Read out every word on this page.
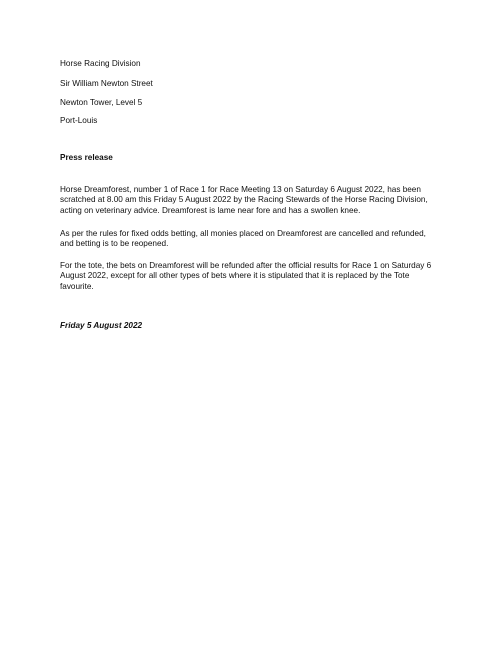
Horse Racing Division
Sir William Newton Street
Newton Tower, Level 5
Port-Louis
Press release
Horse Dreamforest, number 1 of Race 1 for Race Meeting 13 on Saturday 6 August 2022, has been scratched at 8.00 am this Friday 5 August 2022 by the Racing Stewards of the Horse Racing Division, acting on veterinary advice. Dreamforest is lame near fore and has a swollen knee.
As per the rules for fixed odds betting, all monies placed on Dreamforest are cancelled and refunded, and betting is to be reopened.
For the tote, the bets on Dreamforest will be refunded after the official results for Race 1 on Saturday 6 August 2022, except for all other types of bets where it is stipulated that it is replaced by the Tote favourite.
Friday 5 August 2022
